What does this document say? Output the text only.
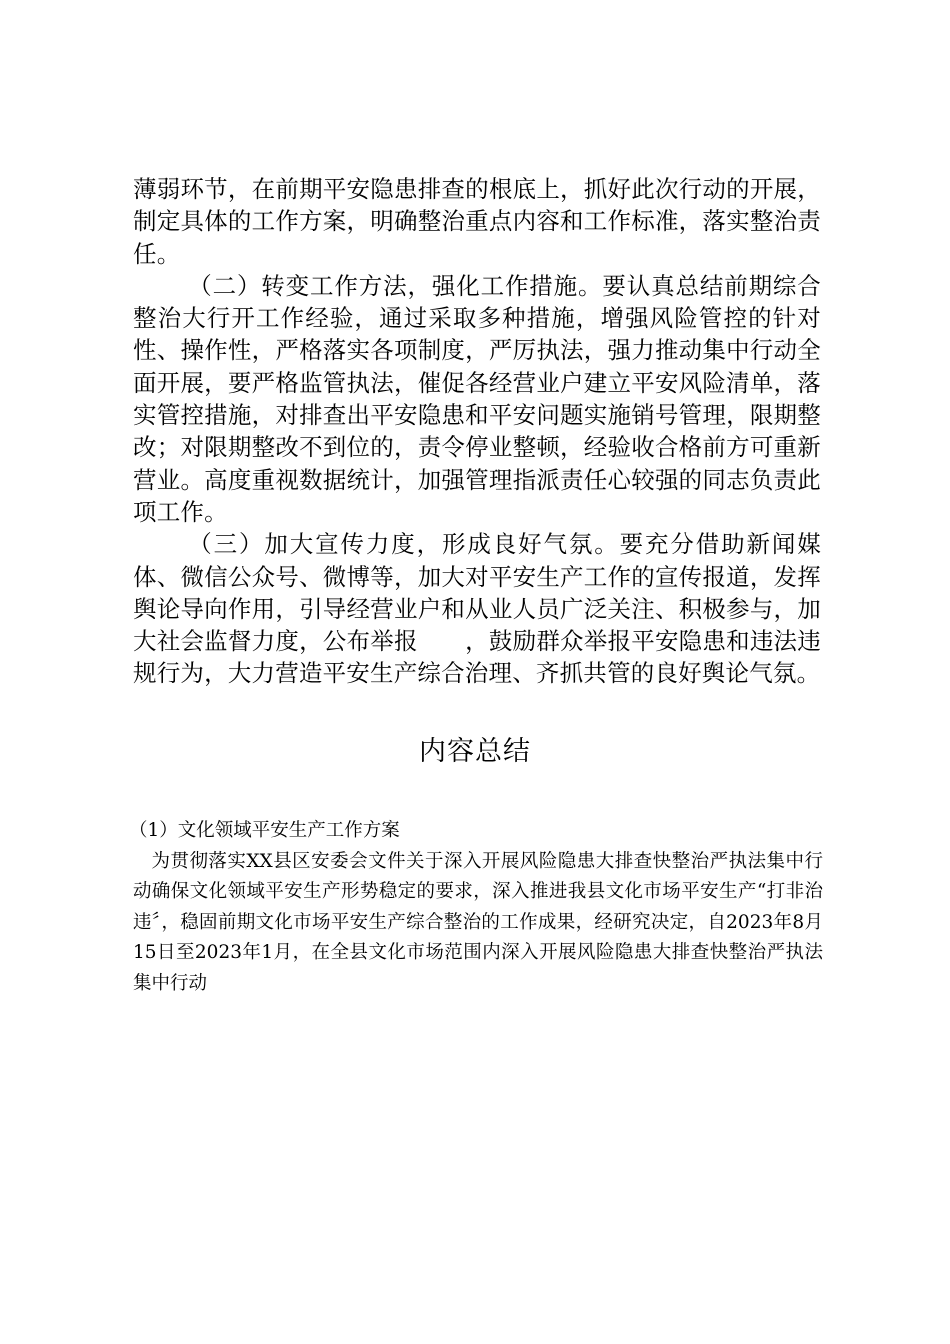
薄弱环节，在前期平安隐患排查的根底上，抓好此次行动的开展，制定具体的工作方案，明确整治重点内容和工作标准，落实整治责任。

（二）转变工作方法，强化工作措施。要认真总结前期综合整治大行开工作经验，通过采取多种措施，增强风险管控的针对性、操作性，严格落实各项制度，严厉执法，强力推动集中行动全面开展，要严格监管执法，催促各经营业户建立平安风险清单，落实管控措施，对排查出平安隐患和平安问题实施销号管理，限期整改；对限期整改不到位的，责令停业整顿，经验收合格前方可重新营业。高度重视数据统计，加强管理指派责任心较强的同志负责此项工作。

（三）加大宣传力度，形成良好气氛。要充分借助新闻媒体、微信公众号、微博等，加大对平安生产工作的宣传报道，发挥舆论导向作用，引导经营业户和从业人员广泛关注、积极参与，加大社会监督力度，公布举报　　，鼓励群众举报平安隐患和违法违规行为，大力营造平安生产综合治理、齐抓共管的良好舆论气氛。

内容总结

（1）文化领域平安生产工作方案

为贯彻落实XX县区安委会文件关于深入开展风险隐患大排查快整治严执法集中行动确保文化领域平安生产形势稳定的要求，深入推进我县文化市场平安生产“打非治违〞，稳固前期文化市场平安生产综合整治的工作成果，经研究决定，自2023年8月15日至2023年1月，在全县文化市场范围内深入开展风险隐患大排查快整治严执法集中行动
